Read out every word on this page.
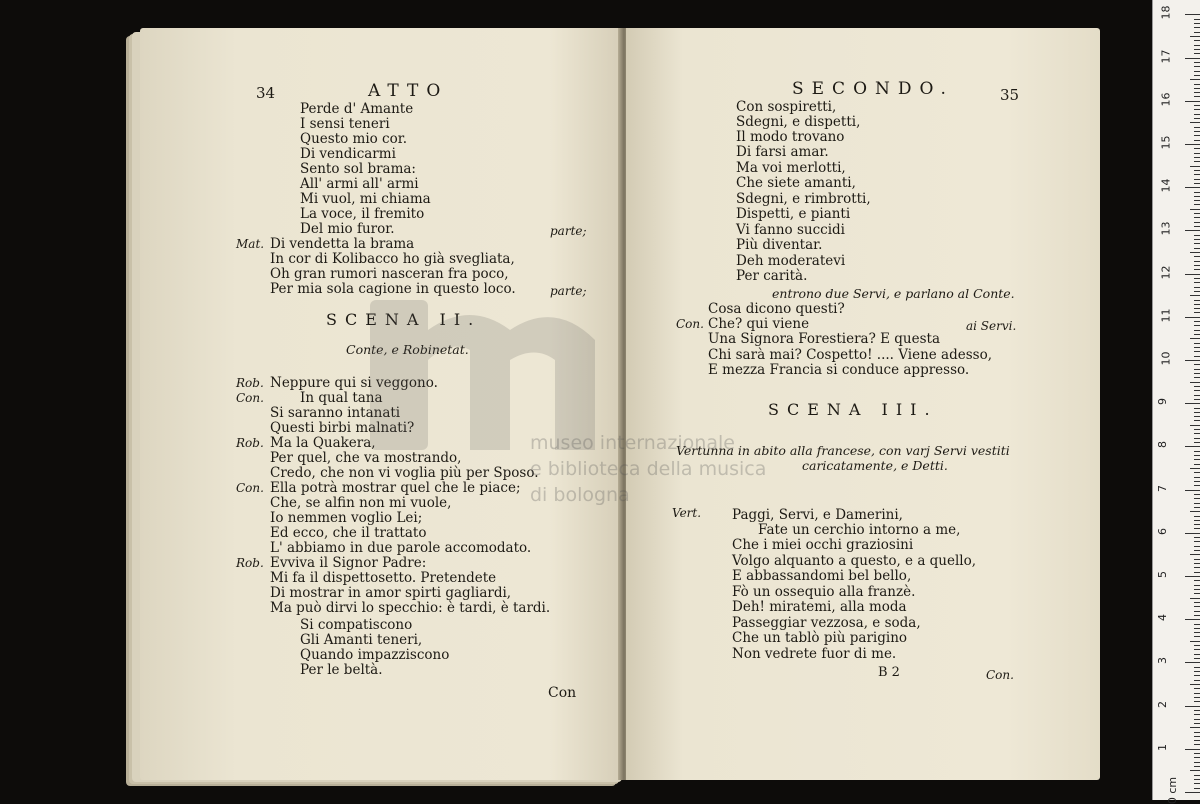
34	ATTO
Perde d' Amante
I sensi teneri
Questo mio cor.
Di vendicarmi
Sento sol brama:
All' armi all' armi
Mi vuol, mi chiama
La voce, il fremito
Del mio furor.	parte;
Mat. Di vendetta la brama
In cor di Kolibacco ho già svegliata,
Oh gran rumori nasceran fra poco,
Per mia sola cagione in questo loco.	parte;
SCENA II.
Conte, e Robinetat.
Rob. Neppure qui si veggono.
Con.	In qual tana
Si saranno intanati
Questi birbi malnati?
Rob. Ma la Quakera,
Per quel, che va mostrando,
Credo, che non vi voglia più per Sposo.
Con. Ella potrà mostrar quel che le piace;
Che, se alfin non mi vuole,
Io nemmen voglio Lei;
Ed ecco, che il trattato
L' abbiamo in due parole accomodato.
Rob. Evviva il Signor Padre:
Mi fa il dispettosetto. Pretendete
Di mostrar in amor spirti gagliardi,
Ma può dirvi lo specchio: è tardi, è tardi.
Si compatiscono
Gli Amanti teneri,
Quando impazziscono
Per le beltà.
Con
SECONDO.	35
Con sospiretti,
Sdegni, e dispetti,
Il modo trovano
Di farsi amar.
Ma voi merlotti,
Che siete amanti,
Sdegni, e rimbrotti,
Dispetti, e pianti
Vi fanno succidi
Più diventar.
Deh moderatevi
Per carità.
entrono due Servi, e parlano al Conte.
Cosa dicono questi?
Con. Che? qui viene	ai Servi.
Una Signora Forestiera? E questa
Chi sarà mai? Cospetto! .... Viene adesso,
E mezza Francia si conduce appresso.
SCENA III.
Vertunna in abito alla francese, con varj Servi vestiti
caricatamente, e Detti.
Vert. Paggi, Servi, e Damerini,
Fate un cerchio intorno a me,
Che i miei occhi graziosini
Volgo alquanto a questo, e a quello,
E abbassandomi bel bello,
Fò un ossequio alla franzè.
Deh! miratemi, alla moda
Passeggiar vezzosa, e soda,
Che un tablò più parigino
Non vedrete fuor di me.
B 2	Con.
museo internazionale
e biblioteca della musica
di bologna
0 cm
1
2
3
4
5
6
7
8
9
10
11
12
13
14
15
16
17
18
